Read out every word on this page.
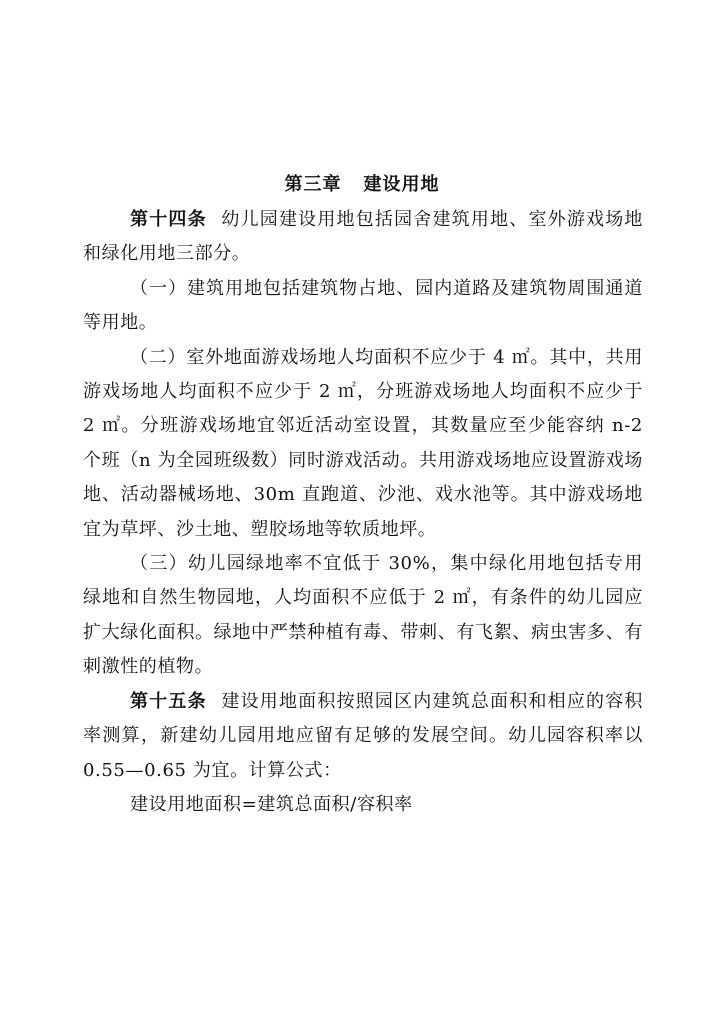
第三章 建设用地

第十四条 幼儿园建设用地包括园舍建筑用地、室外游戏场地和绿化用地三部分。

（一）建筑用地包括建筑物占地、园内道路及建筑物周围通道等用地。

（二）室外地面游戏场地人均面积不应少于 4 ㎡。其中，共用游戏场地人均面积不应少于 2 ㎡，分班游戏场地人均面积不应少于 2 ㎡。分班游戏场地宜邻近活动室设置，其数量应至少能容纳 n-2 个班（n 为全园班级数）同时游戏活动。共用游戏场地应设置游戏场地、活动器械场地、30m 直跑道、沙池、戏水池等。其中游戏场地宜为草坪、沙土地、塑胶场地等软质地坪。

（三）幼儿园绿地率不宜低于 30%，集中绿化用地包括专用绿地和自然生物园地，人均面积不应低于 2 ㎡，有条件的幼儿园应扩大绿化面积。绿地中严禁种植有毒、带刺、有飞絮、病虫害多、有刺激性的植物。

第十五条 建设用地面积按照园区内建筑总面积和相应的容积率测算，新建幼儿园用地应留有足够的发展空间。幼儿园容积率以 0.55—0.65 为宜。计算公式：

建设用地面积=建筑总面积/容积率
